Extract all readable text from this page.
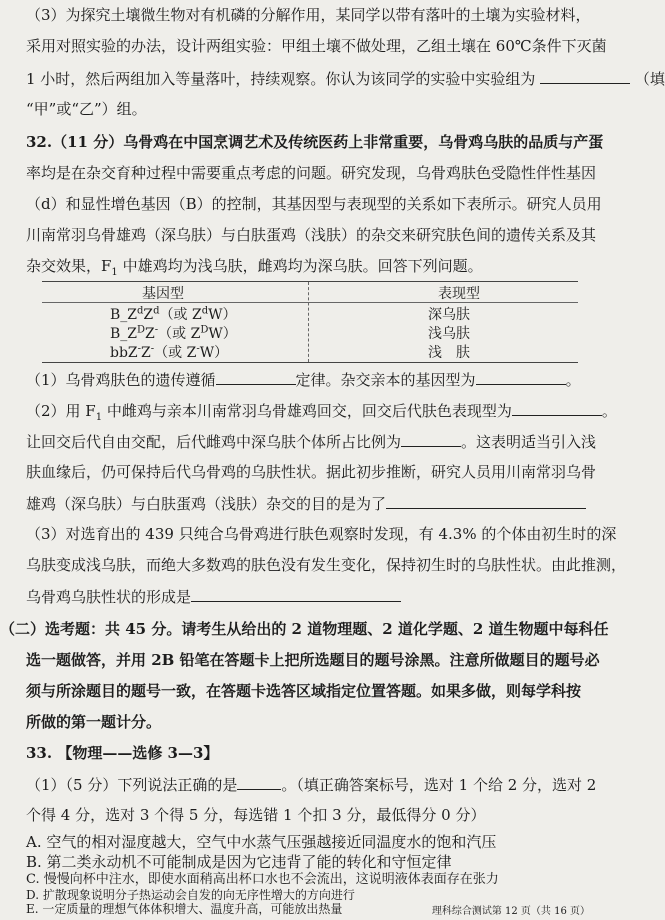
（3）为探究土壤微生物对有机磷的分解作用，某同学以带有落叶的土壤为实验材料，
采用对照实验的办法，设计两组实验：甲组土壤不做处理，乙组土壤在 60℃条件下灭菌
1 小时，然后两组加入等量落叶，持续观察。你认为该同学的实验中实验组为	（填
“甲”或“乙”）组。
32.（11 分）乌骨鸡在中国烹调艺术及传统医药上非常重要，乌骨鸡乌肤的品质与产蛋
率均是在杂交育种过程中需要重点考虑的问题。研究发现，乌骨鸡肤色受隐性伴性基因
（d）和显性增色基因（B）的控制，其基因型与表现型的关系如下表所示。研究人员用
川南常羽乌骨雄鸡（深乌肤）与白肤蛋鸡（浅肤）的杂交来研究肤色间的遗传关系及其
杂交效果，$F_1$ 中雄鸡均为浅乌肤，雌鸡均为深乌肤。回答下列问题。
基因型	表现型
$B\_Z^dZ^d$（或 $Z^dW$）	深乌肤
$B\_Z^DZ^-$（或 $Z^DW$）	浅乌肤
bbZ-Z-（或 Z-W）	浅　肤
（1）乌骨鸡肤色的遗传遵循	定律。杂交亲本的基因型为	。
（2）用 $F_1$ 中雌鸡与亲本川南常羽乌骨雄鸡回交，回交后代肤色表现型为	。
让回交后代自由交配，后代雌鸡中深乌肤个体所占比例为	。这表明适当引入浅
肤血缘后，仍可保持后代乌骨鸡的乌肤性状。据此初步推断，研究人员用川南常羽乌骨
雄鸡（深乌肤）与白肤蛋鸡（浅肤）杂交的目的是为了
（3）对选育出的 439 只纯合乌骨鸡进行肤色观察时发现，有 4.3% 的个体由初生时的深
乌肤变成浅乌肤，而绝大多数鸡的肤色没有发生变化，保持初生时的乌肤性状。由此推测，
乌骨鸡乌肤性状的形成是
（二）选考题：共 45 分。请考生从给出的 2 道物理题、2 道化学题、2 道生物题中每科任
选一题做答，并用 2B 铅笔在答题卡上把所选题目的题号涂黑。注意所做题目的题号必
须与所涂题目的题号一致，在答题卡选答区域指定位置答题。如果多做，则每学科按
所做的第一题计分。
33. 【物理——选修 3—3】
（1）（5 分）下列说法正确的是	。（填正确答案标号，选对 1 个给 2 分，选对 2
个得 4 分，选对 3 个得 5 分，每选错 1 个扣 3 分，最低得分 0 分）
A. 空气的相对湿度越大，空气中水蒸气压强越接近同温度水的饱和汽压
B. 第二类永动机不可能制成是因为它违背了能的转化和守恒定律
C. 慢慢向杯中注水，即使水面稍高出杯口水也不会流出，这说明液体表面存在张力
理科综合测试第 12 页（共 16 页）
D. 扩散现象说明分子热运动会自发的向无序性增大的方向进行
E. 一定质量的理想气体体积增大、温度升高，可能放出热量
